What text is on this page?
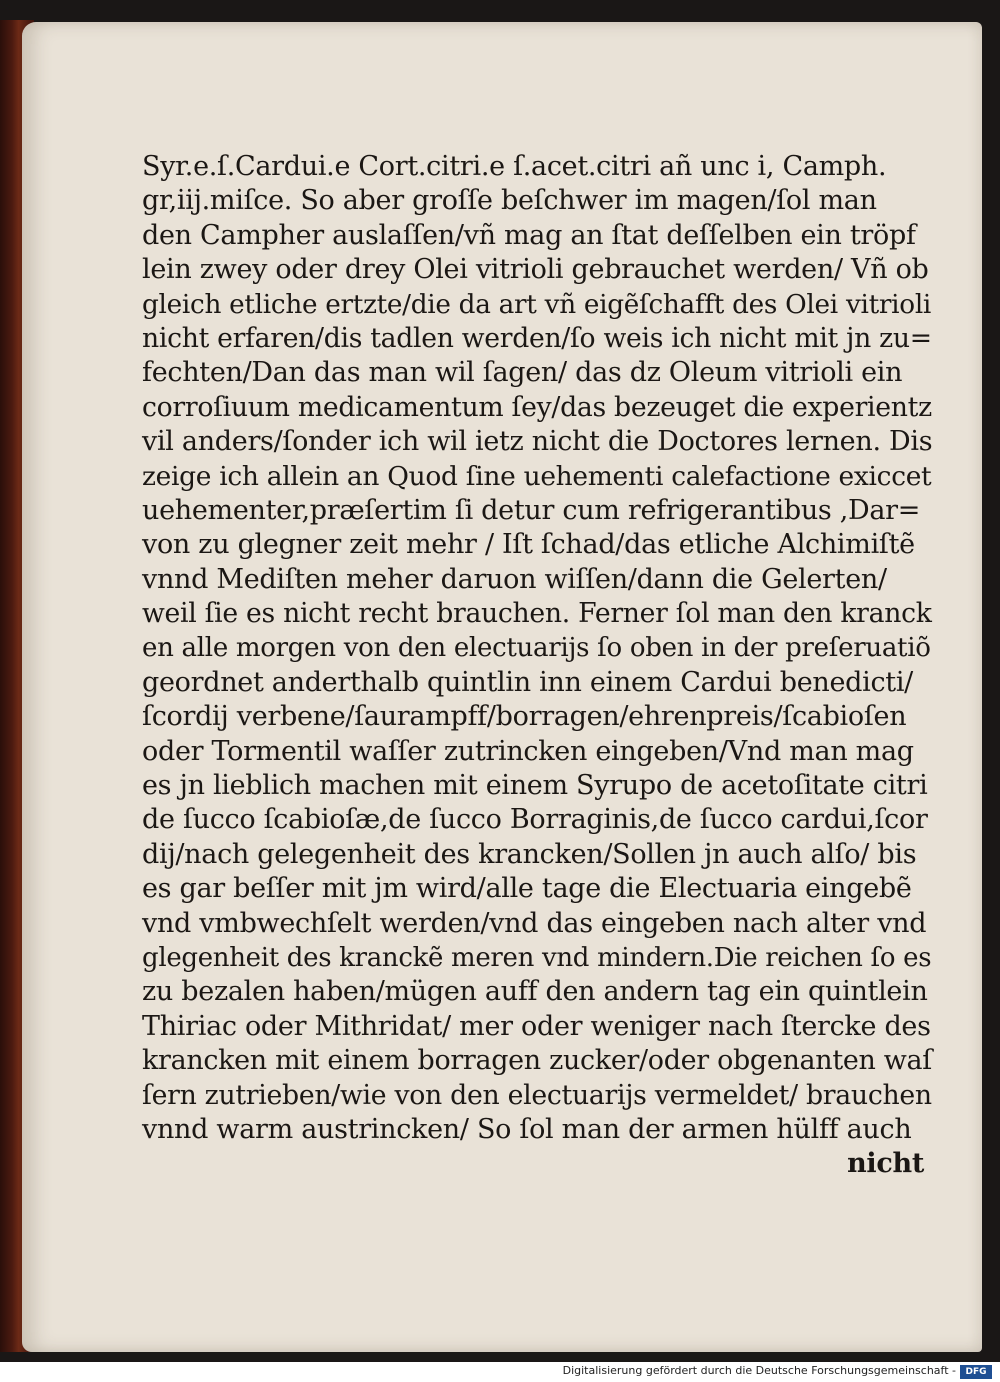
Syr.e.ſ.Cardui.e Cort.citri.e ſ.acet.citri añ unc i, Camph.
gr,iij.miſce. So aber groſſe beſchwer im magen/ſol man
den Campher auslaſſen/vñ mag an ſtat deſſelben ein tröpf
lein zwey oder drey Olei vitrioli gebrauchet werden/ Vñ ob
gleich etliche ertzte/die da art vñ eigẽſchafft des Olei vitrioli
nicht erfaren/dis tadlen werden/ſo weis ich nicht mit jn zu=
fechten/Dan das man wil ſagen/ das dz Oleum vitrioli ein
corroſiuum medicamentum ſey/das bezeuget die experientz
vil anders/ſonder ich wil ietz nicht die Doctores lernen. Dis
zeige ich allein an Quod ſine uehementi calefactione exiccet
uehementer,præſertim ſi detur cum refrigerantibus ,Dar=
von zu glegner zeit mehr / Iſt ſchad/das etliche Alchimiſtẽ
vnnd Mediſten meher daruon wiſſen/dann die Gelerten/
weil ſie es nicht recht brauchen. Ferner ſol man den kranck
en alle morgen von den electuarijs ſo oben in der preſeruatiõ
geordnet anderthalb quintlin inn einem Cardui benedicti/
ſcordij verbene/ſaurampff/borragen/ehrenpreis/ſcabioſen
oder Tormentil waſſer zutrincken eingeben/Vnd man mag
es jn lieblich machen mit einem Syrupo de acetoſitate citri
de ſucco ſcabioſæ,de ſucco Borraginis,de ſucco cardui,ſcor
dij/nach gelegenheit des krancken/Sollen jn auch alſo/ bis
es gar beſſer mit jm wird/alle tage die Electuaria eingebẽ
vnd vmbwechſelt werden/vnd das eingeben nach alter vnd
glegenheit des kranckẽ meren vnd mindern.Die reichen ſo es
zu bezalen haben/mügen auff den andern tag ein quintlein
Thiriac oder Mithridat/ mer oder weniger nach ſtercke des
krancken mit einem borragen zucker/oder obgenanten waſ
ſern zutrieben/wie von den electuarijs vermeldet/ brauchen
vnnd warm austrincken/ So ſol man der armen hülff auch
nicht
Digitalisierung gefördert durch die Deutsche Forschungsgemeinschaft -	DFG
